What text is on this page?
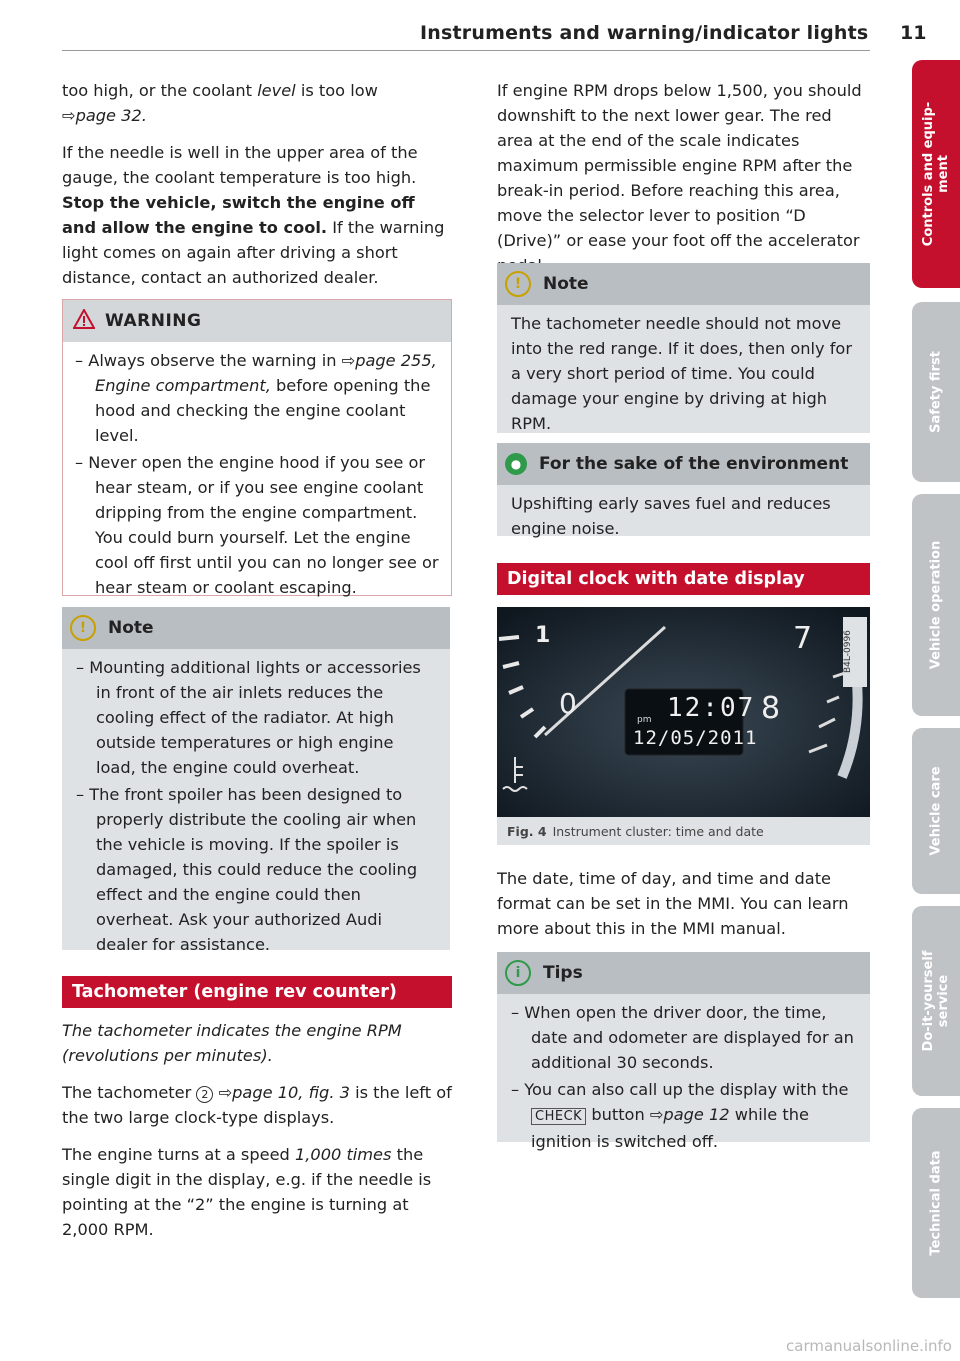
Instruments and warning/indicator lights 11

too high, or the coolant level is too low
⇨page 32.

If the needle is well in the upper area of the gauge, the coolant temperature is too high. Stop the vehicle, switch the engine off and allow the engine to cool. If the warning light comes on again after driving a short distance, contact an authorized dealer.

WARNING
– Always observe the warning in ⇨page 255, Engine compartment, before opening the hood and checking the engine coolant level.
– Never open the engine hood if you see or hear steam, or if you see engine coolant dripping from the engine compartment. You could burn yourself. Let the engine cool off first until you can no longer see or hear steam or coolant escaping.
!	Note
– Mounting additional lights or accessories in front of the air inlets reduces the cooling effect of the radiator. At high outside temperatures or high engine load, the engine could overheat.
– The front spoiler has been designed to properly distribute the cooling air when the vehicle is moving. If the spoiler is damaged, this could reduce the cooling effect and the engine could then overheat. Ask your authorized Audi dealer for assistance.
Tachometer (engine rev counter)

The tachometer indicates the engine RPM (revolutions per minutes).

The tachometer 2 ⇨page 10, fig. 3 is the left of the two large clock-type displays.

The engine turns at a speed 1,000 times the single digit in the display, e.g. if the needle is pointing at the “2” the engine is turning at 2,000 RPM.

If engine RPM drops below 1,500, you should downshift to the next lower gear. The red area at the end of the scale indicates maximum permissible engine RPM after the break-in period. Before reaching this area, move the selector lever to position “D (Drive)” or ease your foot off the accelerator
!	Note
The tachometer needle should not move into the red range. If it does, then only for a very short period of time. You could damage your engine by driving at high RPM.
●	For the sake of the environment
Upshifting early saves fuel and reduces engine noise.
Digital clock with date display
1	7
8
0	pm 12:07
12/05/2011
B4L-0996
Fig. 4 Instrument cluster: time and date
The date, time of day, and time and date format can be set in the MMI. You can learn more about this in the MMI manual.
i	Tips
– When open the driver door, the time, date and odometer are displayed for an additional 30 seconds.
– You can also call up the display with the CHECK button ⇨page 12 while the ignition is switched off.
Controls and equip-
ment
Safety first
Vehicle operation
Vehicle care
Do-it-yourself
service
Technical data
carmanualsonline.info
